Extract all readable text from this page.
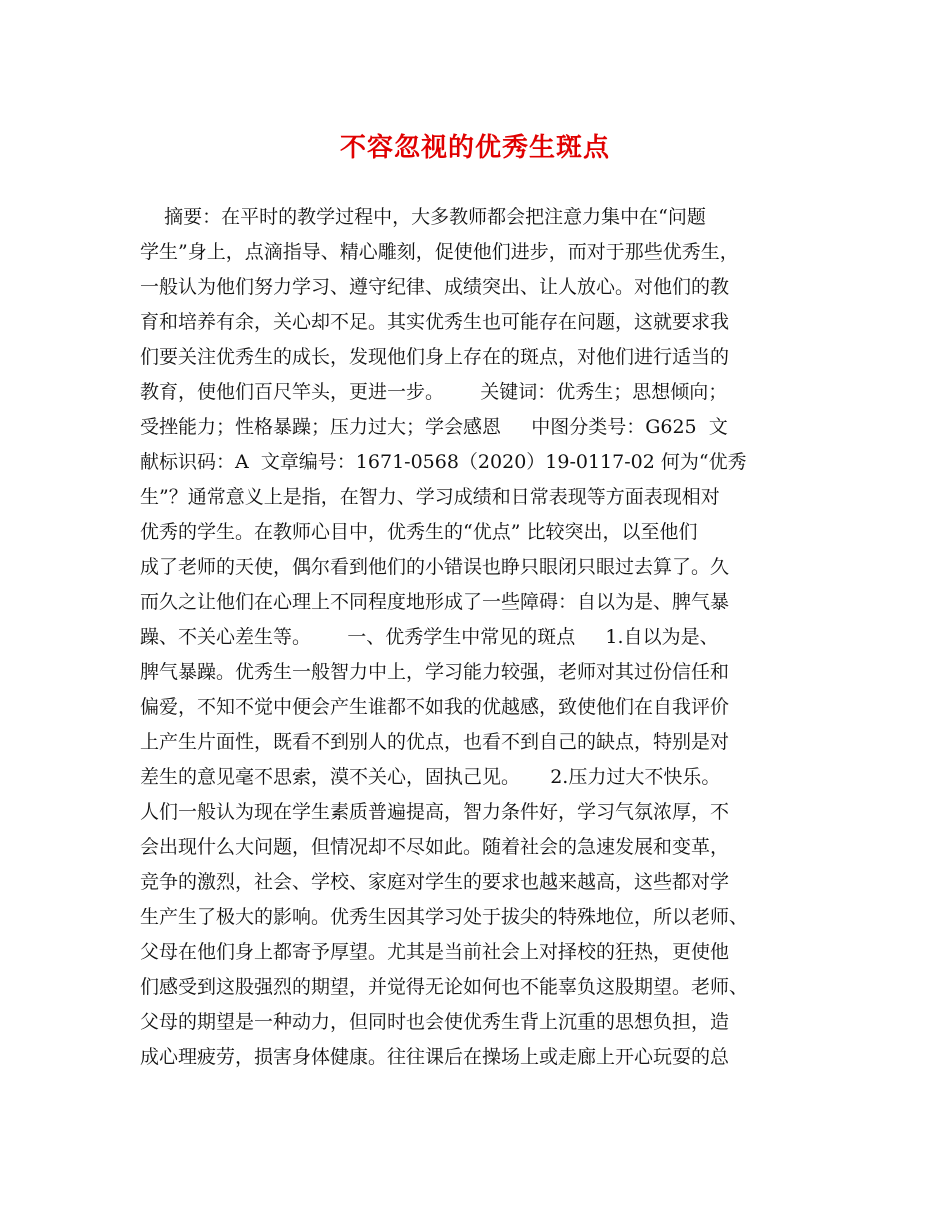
不容忽视的优秀生斑点
摘要：在平时的教学过程中，大多教师都会把注意力集中在“问题
学生”身上，点滴指导、精心雕刻，促使他们进步，而对于那些优秀生，
一般认为他们努力学习、遵守纪律、成绩突出、让人放心。对他们的教
育和培养有余，关心却不足。其实优秀生也可能存在问题，这就要求我
们要关注优秀生的成长，发现他们身上存在的斑点，对他们进行适当的
教育，使他们百尺竿头，更进一步。      关键词：优秀生；思想倾向；
受挫能力；性格暴躁；压力过大；学会感恩     中图分类号：G625  文
献标识码：A  文章编号：1671-0568（2020）19-0117-02 何为“优秀
生”？通常意义上是指，在智力、学习成绩和日常表现等方面表现相对
优秀的学生。在教师心目中，优秀生的“优点” 比较突出，以至他们
成了老师的天使，偶尔看到他们的小错误也睁只眼闭只眼过去算了。久
而久之让他们在心理上不同程度地形成了一些障碍：自以为是、脾气暴
躁、不关心差生等。      一、优秀学生中常见的斑点     1.自以为是、
脾气暴躁。优秀生一般智力中上，学习能力较强，老师对其过份信任和
偏爱，不知不觉中便会产生谁都不如我的优越感，致使他们在自我评价
上产生片面性，既看不到别人的优点，也看不到自己的缺点，特别是对
差生的意见毫不思索，漠不关心，固执己见。     2.压力过大不快乐。
人们一般认为现在学生素质普遍提高，智力条件好，学习气氛浓厚，不
会出现什么大问题，但情况却不尽如此。随着社会的急速发展和变革，
竞争的激烈，社会、学校、家庭对学生的要求也越来越高，这些都对学
生产生了极大的影响。优秀生因其学习处于拔尖的特殊地位，所以老师、
父母在他们身上都寄予厚望。尤其是当前社会上对择校的狂热，更使他
们感受到这股强烈的期望，并觉得无论如何也不能辜负这股期望。老师、
父母的期望是一种动力，但同时也会使优秀生背上沉重的思想负担，造
成心理疲劳，损害身体健康。往往课后在操场上或走廊上开心玩耍的总
